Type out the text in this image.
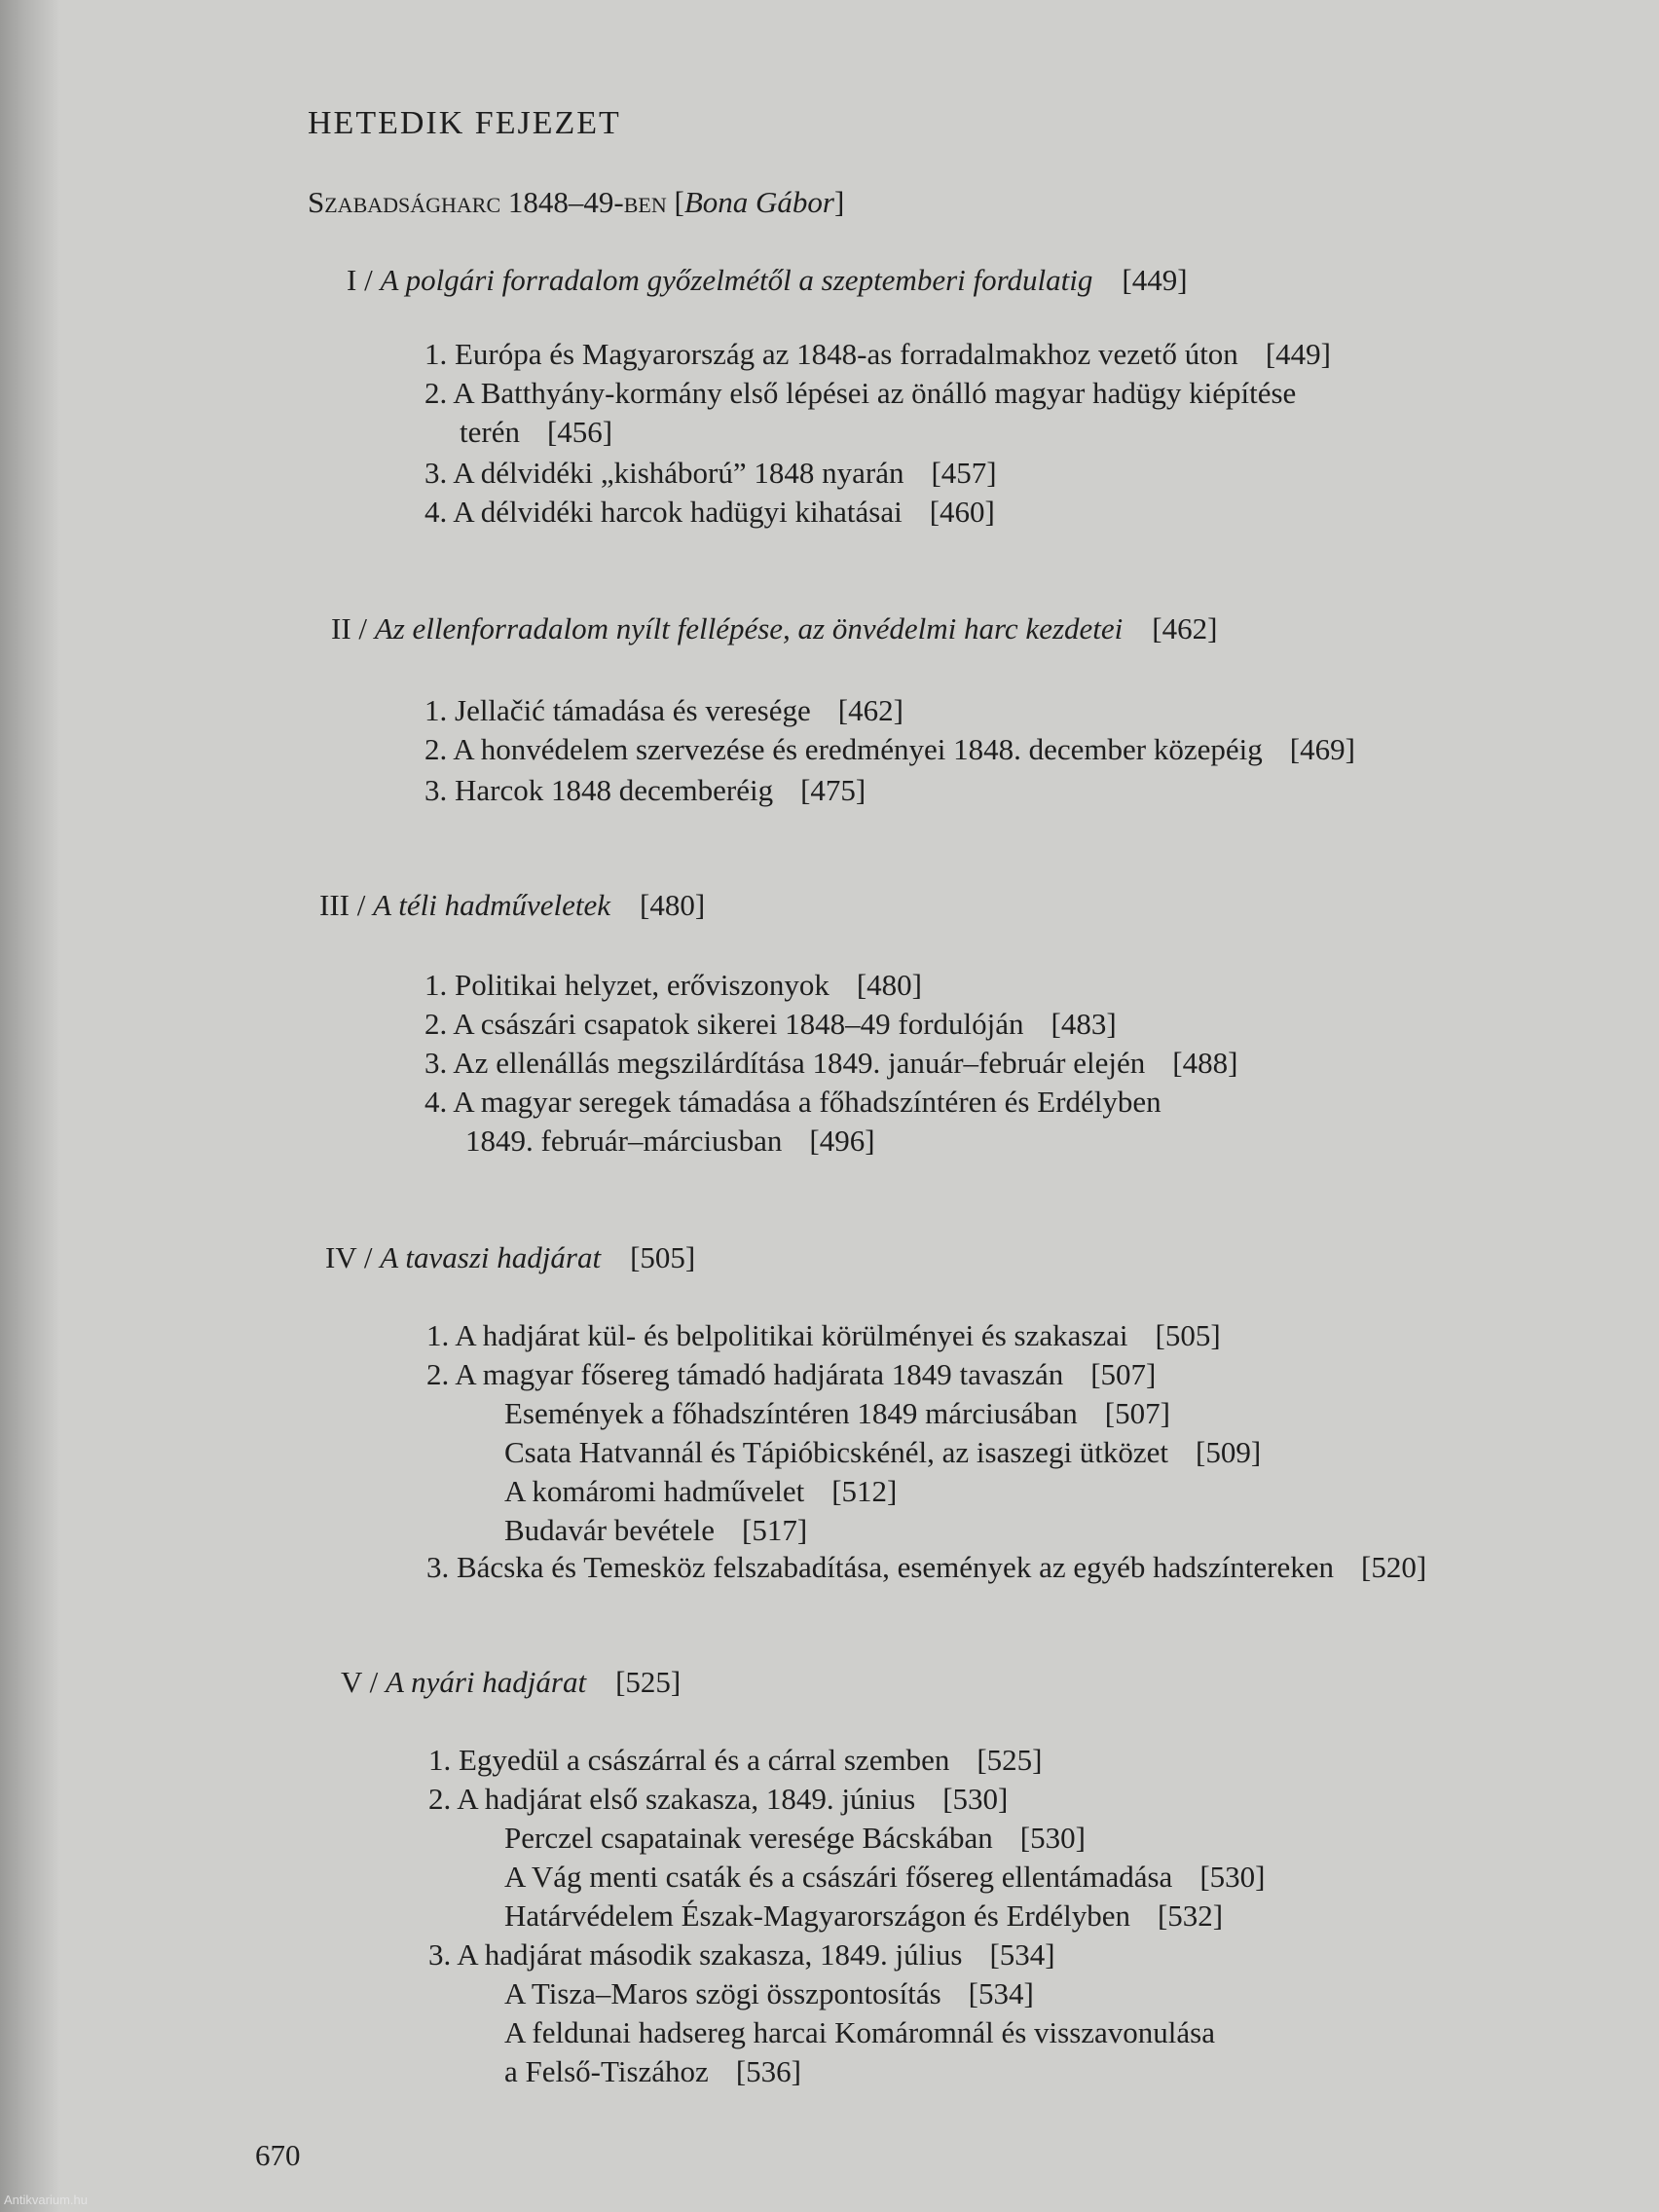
HETEDIK FEJEZET
Szabadságharc 1848–49-ben [Bona Gábor]
I / A polgári forradalom győzelmétől a szeptemberi fordulatig [449]
1. Európa és Magyarország az 1848-as forradalmakhoz vezető úton [449]
2. A Batthyány-kormány első lépései az önálló magyar hadügy kiépítése
terén [456]
3. A délvidéki „kisháború” 1848 nyarán [457]
4. A délvidéki harcok hadügyi kihatásai [460]
II / Az ellenforradalom nyílt fellépése, az önvédelmi harc kezdetei [462]
1. Jellačić támadása és veresége [462]
2. A honvédelem szervezése és eredményei 1848. december közepéig [469]
3. Harcok 1848 decemberéig [475]
III / A téli hadműveletek [480]
1. Politikai helyzet, erőviszonyok [480]
2. A császári csapatok sikerei 1848–49 fordulóján [483]
3. Az ellenállás megszilárdítása 1849. január–február elején [488]
4. A magyar seregek támadása a főhadszíntéren és Erdélyben
1849. február–márciusban [496]
IV / A tavaszi hadjárat [505]
1. A hadjárat kül- és belpolitikai körülményei és szakaszai [505]
2. A magyar fősereg támadó hadjárata 1849 tavaszán [507]
Események a főhadszíntéren 1849 márciusában [507]
Csata Hatvannál és Tápióbicskénél, az isaszegi ütközet [509]
A komáromi hadművelet [512]
Budavár bevétele [517]
3. Bácska és Temesköz felszabadítása, események az egyéb hadszíntereken [520]
V / A nyári hadjárat [525]
1. Egyedül a császárral és a cárral szemben [525]
2. A hadjárat első szakasza, 1849. június [530]
Perczel csapatainak veresége Bácskában [530]
A Vág menti csaták és a császári fősereg ellentámadása [530]
Határvédelem Észak-Magyarországon és Erdélyben [532]
3. A hadjárat második szakasza, 1849. július [534]
A Tisza–Maros szögi összpontosítás [534]
A feldunai hadsereg harcai Komáromnál és visszavonulása
a Felső-Tiszához [536]
670
Antikvarium.hu
